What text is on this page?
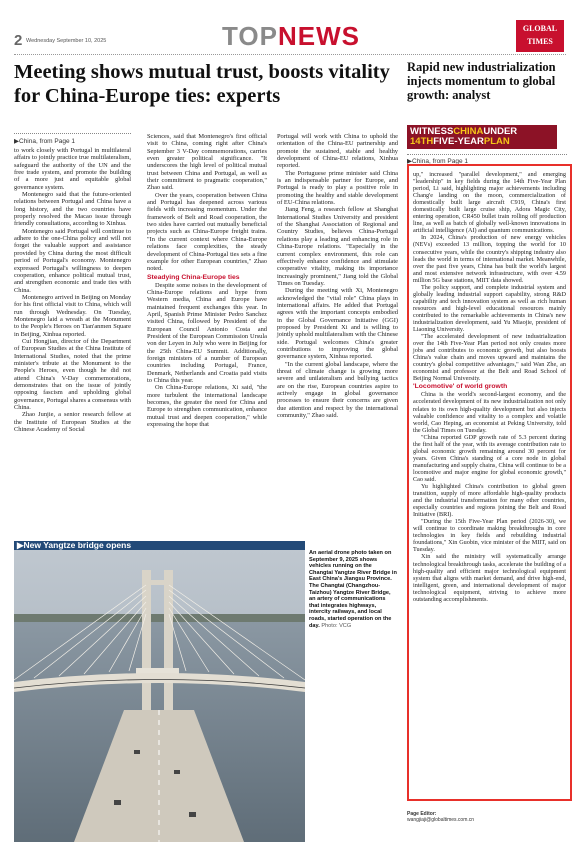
2 Wednesday September 10, 2025	TOPNEWS	GLOBAL
TIMES
Meeting shows mutual trust, boosts vitality for China-Europe ties: experts
▶China, from Page 1

to work closely with Portugal in multilateral affairs to jointly practice true multilateralism, safeguard the authority of the UN and the free trade system, and promote the building of a more just and equitable global governance system.

Montenegro said that the future-oriented relations between Portugal and China have a long history, and the two countries have properly resolved the Macao issue through friendly consultations, according to Xinhua.

Montenegro said Portugal will continue to adhere to the one-China policy and will not forget the valuable support and assistance provided by China during the most difficult period of Portugal's economy. Montenegro expressed Portugal's willingness to deepen cooperation, enhance political mutual trust, and strengthen economic and trade ties with China.

Montenegro arrived in Beijing on Monday for his first official visit to China, which will run through Wednesday. On Tuesday, Montenegro laid a wreath at the Monument to the People's Heroes on Tian'anmen Square in Beijing, Xinhua reported.

Cui Hongjian, director of the Department of European Studies at the China Institute of International Studies, noted that the prime minister's tribute at the Monument to the People's Heroes, even though he did not attend China's V-Day commemorations, demonstrates that on the issue of jointly opposing fascism and upholding global governance, Portugal shares a consensus with China.

Zhao Junjie, a senior research fellow at the Institute of European Studies at the Chinese Academy of Social

Sciences, said that Montenegro's first official visit to China, coming right after China's September 3 V-Day commemorations, carries even greater political significance. "It underscores the high level of political mutual trust between China and Portugal, as well as their commitment to pragmatic cooperation," Zhao said.

Over the years, cooperation between China and Portugal has deepened across various fields with increasing momentum. Under the framework of Belt and Road cooperation, the two sides have carried out mutually beneficial projects such as China-Europe freight trains. "In the current context where China-Europe relations face complexities, the steady development of China-Portugal ties sets a fine example for other European countries," Zhao noted.

Steadying China-Europe ties

Despite some noises in the development of China-Europe relations and hype from Western media, China and Europe have maintained frequent exchanges this year. In April, Spanish Prime Minister Pedro Sanchez visited China, followed by President of the European Council Antonio Costa and President of the European Commission Ursula von der Leyen in July who were in Beijing for the 25th China-EU Summit. Additionally, foreign ministers of a number of European countries including Portugal, France, Denmark, Netherlands and Croatia paid visits to China this year.

On China-Europe relations, Xi said, "the more turbulent the international landscape becomes, the greater the need for China and Europe to strengthen communication, enhance mutual trust and deepen cooperation," while expressing the hope that

Portugal will work with China to uphold the orientation of the China-EU partnership and promote the sustained, stable and healthy development of China-EU relations, Xinhua reported.

The Portuguese prime minister said China is an indispensable partner for Europe, and Portugal is ready to play a positive role in promoting the healthy and stable development of EU-China relations.

Jiang Feng, a research fellow at Shanghai International Studies University and president of the Shanghai Association of Regional and Country Studies, believes China-Portugal relations play a leading and enhancing role in China-Europe relations. "Especially in the current complex environment, this role can effectively enhance confidence and stimulate cooperative vitality, making its importance increasingly prominent," Jiang told the Global Times on Tuesday.

During the meeting with Xi, Montenegro acknowledged the "vital role" China plays in international affairs. He added that Portugal agrees with the important concepts embodied in the Global Governance Initiative (GGI) proposed by President Xi and is willing to jointly uphold multilateralism with the Chinese side. Portugal welcomes China's greater contributions to improving the global governance system, Xinhua reported.

"In the current global landscape, where the threat of climate change is growing more severe and unilateralism and bullying tactics are on the rise, European countries aspire to actively engage in global governance processes to ensure their concerns are given due attention and respect by the international community," Zhao said.

▶New Yangtze bridge opens
An aerial drone photo taken on September 9, 2025 shows vehicles running on the Changtai Yangtze River Bridge in East China's Jiangsu Province. The Changtai (Changzhou-Taizhou) Yangtze River Bridge, an artery of communications that integrates highways, intercity railways, and local roads, started operation on the day. Photo: VCG
Rapid new industrialization injects momentum to global growth: analyst
WITNESSCHINAUNDER
14THFIVE-YEARPLAN
▶China, from Page 1

up," increased "parallel development," and emerging "leadership" in key fields during the 14th Five-Year Plan period, Li said, highlighting major achievements including Chang'e landing on the moon, commercialization of domestically built large aircraft C919, China's first domestically built large cruise ship, Adora Magic City, entering operation, CR450 bullet train rolling off production line, as well as batch of globally well-known innovations in artificial intelligence (AI) and quantum communications.

In 2024, China's production of new energy vehicles (NEVs) exceeded 13 million, topping the world for 10 consecutive years, while the country's shipping industry also leads the world in terms of international market. Meanwhile, over the past five years, China has built the world's largest and most extensive network infrastructure, with over 4.59 million 5G base stations, MIIT data showed.

The policy support, and complete industrial system and globally leading industrial support capability, strong R&D capability and tech innovation system as well as rich human resources and high-level educational resources mainly contributed to the remarkable achievements in China's new industrialization development, said Yu Miaojie, president of Liaoning University.

"The accelerated development of new industrialization over the 14th Five-Year Plan period not only creates more jobs and contributes to economic growth, but also boosts China's value chain and moves upward and maintains the country's global competitive advantages," said Wan Zhe, an economist and professor at the Belt and Road School of Beijing Normal University.

'Locomotive' of world growth

China is the world's second-largest economy, and the accelerated development of its new industrialization not only relates to its own high-quality development but also injects valuable confidence and vitality to a complex and volatile world, Cao Heping, an economist at Peking University, told the Global Times on Tuesday.

"China reported GDP growth rate of 5.3 percent during the first half of the year, with its average contribution rate to global economic growth remaining around 30 percent for years. Given China's standing of a core node in global manufacturing and supply chains, China will continue to be a locomotive and major engine for global economic growth," Cao said.

Yu highlighted China's contribution to global green transition, supply of more affordable high-quality products and the industrial transformation for many other countries, especially countries and regions joining the Belt and Road Initiative (BRI).

"During the 15th Five-Year Plan period (2026-30), we will continue to coordinate making breakthroughs in core technologies in key fields and rebuilding industrial foundations," Xin Guobin, vice minister of the MIIT, said on Tuesday.

Xin said the ministry will systematically arrange technological breakthrough tasks, accelerate the building of a high-quality and efficient major technological equipment system that aligns with market demand, and drive high-end, intelligent, green, and international development of major technological equipment, striving to achieve more outstanding accomplishments.

Page Editor:
wangjiaji@globaltimes.com.cn
